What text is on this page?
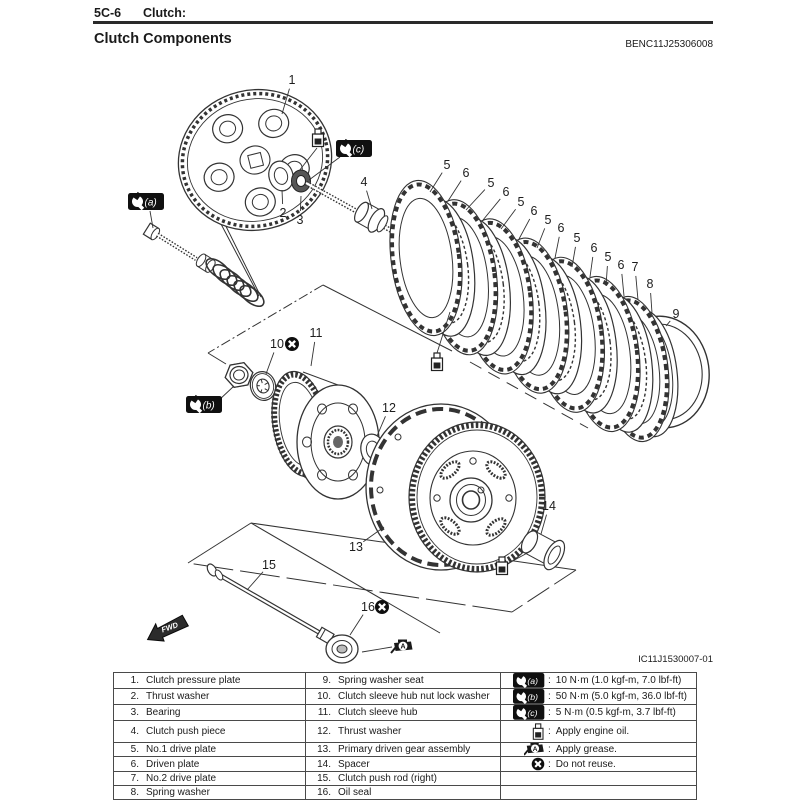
5C-6 Clutch:
Clutch Components	BENC11J25306008
1
2 3
4
5
6
5
6
5
6
5
6
5
6
5
6 7
8
9
10
11
12
13
14
15
16
(a)
(b)
(c)
A
FWD
IC11J1530007-01
1. Clutch pressure plate	9. Spring washer seat	(a) : 10 N·m (1.0 kgf-m, 7.0 lbf-ft)

2. Thrust washer	10. Clutch sleeve hub nut lock washer	(b) : 50 N·m (5.0 kgf-m, 36.0 lbf-ft)

3. Bearing	11. Clutch sleeve hub	(c) : 5 N·m (0.5 kgf-m, 3.7 lbf-ft)

4. Clutch push piece	12. Thrust washer	: Apply engine oil.

5. No.1 drive plate	13. Primary driven gear assembly	A : Apply grease.

6. Driven plate	14. Spacer	: Do not reuse.

7. No.2 drive plate	15. Clutch push rod (right)	

8. Spring washer	16. Oil seal	
